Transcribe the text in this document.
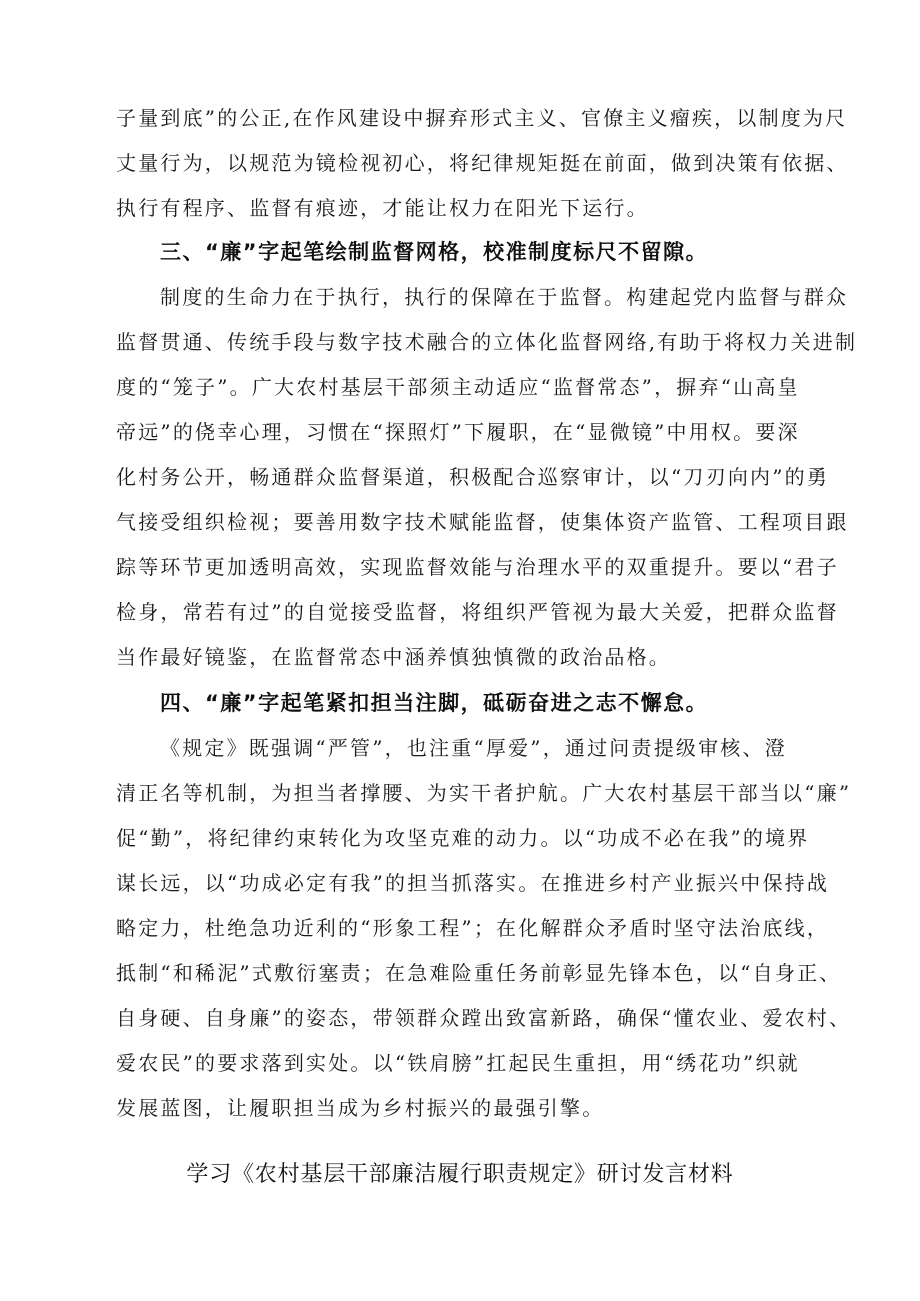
子量到底”的公正,在作风建设中摒弃形式主义、官僚主义瘤疾，以制度为尺
丈量行为，以规范为镜检视初心，将纪律规矩挺在前面，做到决策有依据、
执行有程序、监督有痕迹，才能让权力在阳光下运行。
三、“廉”字起笔绘制监督网格，校准制度标尺不留隙。
制度的生命力在于执行，执行的保障在于监督。构建起党内监督与群众
监督贯通、传统手段与数字技术融合的立体化监督网络,有助于将权力关进制
度的“笼子”。广大农村基层干部须主动适应“监督常态”，摒弃“山高皇
帝远”的侥幸心理，习惯在“探照灯”下履职，在“显微镜”中用权。要深
化村务公开，畅通群众监督渠道，积极配合巡察审计，以“刀刃向内”的勇
气接受组织检视；要善用数字技术赋能监督，使集体资产监管、工程项目跟
踪等环节更加透明高效，实现监督效能与治理水平的双重提升。要以“君子
检身，常若有过”的自觉接受监督，将组织严管视为最大关爱，把群众监督
当作最好镜鉴，在监督常态中涵养慎独慎微的政治品格。
四、“廉”字起笔紧扣担当注脚，砥砺奋进之志不懈怠。
《规定》既强调“严管”，也注重“厚爱”，通过问责提级审核、澄
清正名等机制，为担当者撑腰、为实干者护航。广大农村基层干部当以“廉”
促“勤”，将纪律约束转化为攻坚克难的动力。以“功成不必在我”的境界
谋长远，以“功成必定有我”的担当抓落实。在推进乡村产业振兴中保持战
略定力，杜绝急功近利的“形象工程”；在化解群众矛盾时坚守法治底线，
抵制“和稀泥”式敷衍塞责；在急难险重任务前彰显先锋本色，以“自身正、
自身硬、自身廉”的姿态，带领群众蹚出致富新路，确保“懂农业、爱农村、
爱农民”的要求落到实处。以“铁肩膀”扛起民生重担，用“绣花功”织就
发展蓝图，让履职担当成为乡村振兴的最强引擎。
学习《农村基层干部廉洁履行职责规定》研讨发言材料
